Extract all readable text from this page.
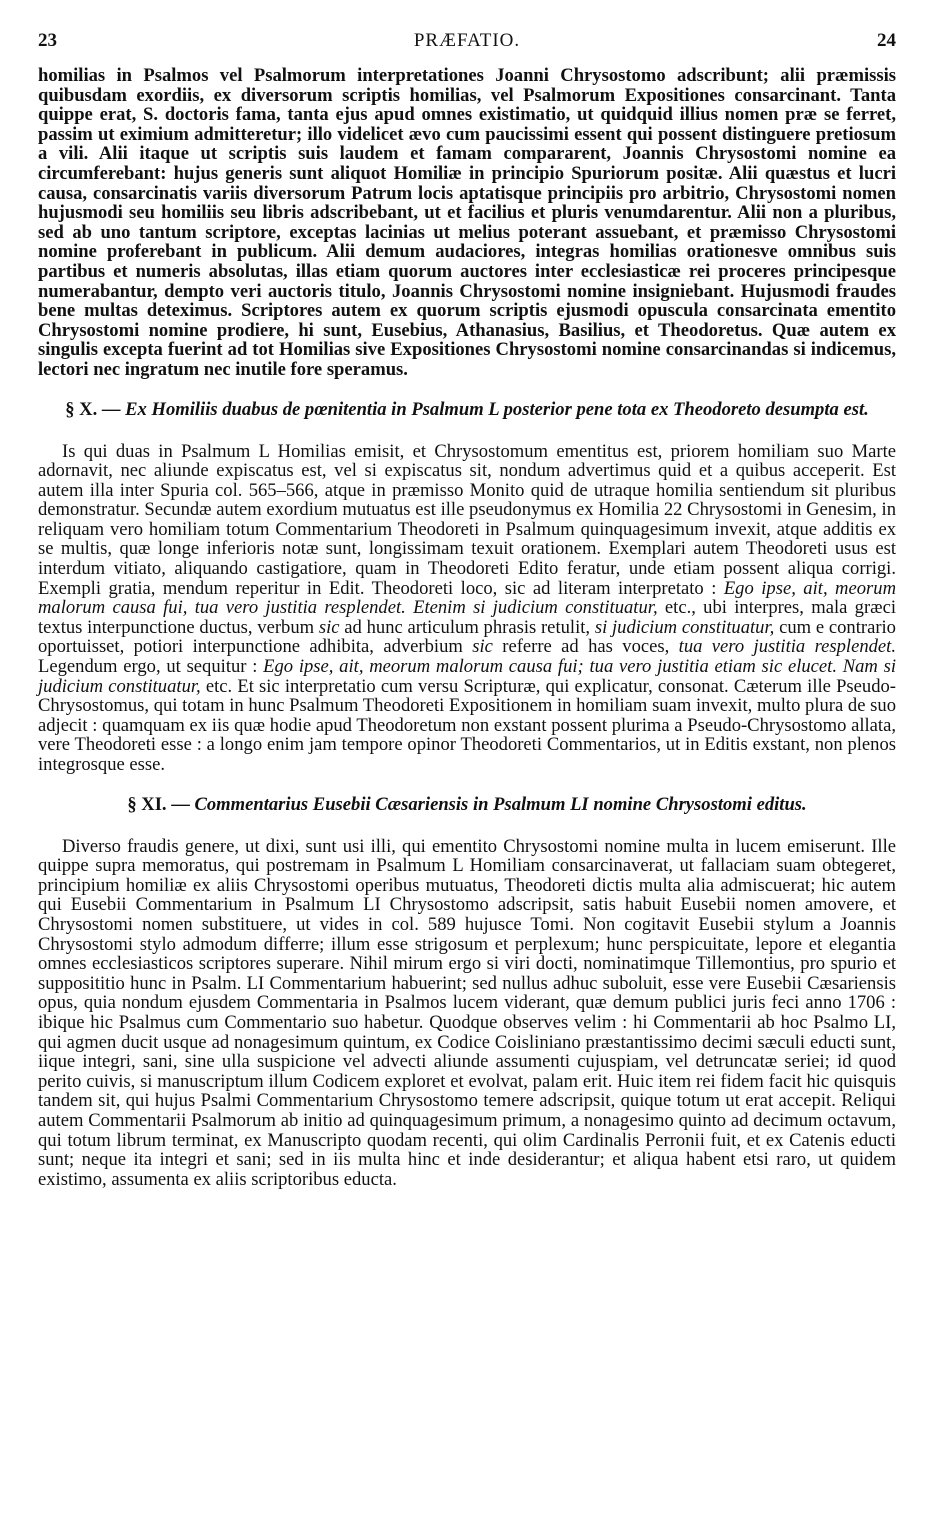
23	PRÆFATIO.	24

homilias in Psalmos vel Psalmorum interpretationes Joanni Chrysostomo adscribunt; alii præmissis quibusdam exordiis, ex diversorum scriptis homilias, vel Psalmorum Expositiones consarcinant. Tanta quippe erat, S. doctoris fama, tanta ejus apud omnes existimatio, ut quidquid illius nomen præ se ferret, passim ut eximium admitteretur; illo videlicet ævo cum paucissimi essent qui possent distinguere pretiosum a vili. Alii itaque ut scriptis suis laudem et famam compararent, Joannis Chrysostomi nomine ea circumferebant: hujus generis sunt aliquot Homiliæ in principio Spuriorum positæ. Alii quæstus et lucri causa, consarcinatis variis diversorum Patrum locis aptatisque principiis pro arbitrio, Chrysostomi nomen hujusmodi seu homiliis seu libris adscribebant, ut et facilius et pluris venumdarentur. Alii non a pluribus, sed ab uno tantum scriptore, exceptas lacinias ut melius poterant assuebant, et præmisso Chrysostomi nomine proferebant in publicum. Alii demum audaciores, integras homilias orationesve omnibus suis partibus et numeris absolutas, illas etiam quorum auctores inter ecclesiasticæ rei proceres principesque numerabantur, dempto veri auctoris titulo, Joannis Chrysostomi nomine insigniebant. Hujusmodi fraudes bene multas deteximus. Scriptores autem ex quorum scriptis ejusmodi opuscula consarcinata ementito Chrysostomi nomine prodiere, hi sunt, Eusebius, Athanasius, Basilius, et Theodoretus. Quæ autem ex singulis excepta fuerint ad tot Homilias sive Expositiones Chrysostomi nomine consarcinandas si indicemus, lectori nec ingratum nec inutile fore speramus.

§ X. — Ex Homiliis duabus de pœnitentia in Psalmum L posterior pene tota ex Theodoreto desumpta est.

Is qui duas in Psalmum L Homilias emisit, et Chrysostomum ementitus est, priorem homiliam suo Marte adornavit, nec aliunde expiscatus est, vel si expiscatus sit, nondum advertimus quid et a quibus acceperit. Est autem illa inter Spuria col. 565–566, atque in præmisso Monito quid de utraque homilia sentiendum sit pluribus demonstratur. Secundæ autem exordium mutuatus est ille pseudonymus ex Homilia 22 Chrysostomi in Genesim, in reliquam vero homiliam totum Commentarium Theodoreti in Psalmum quinquagesimum invexit, atque additis ex se multis, quæ longe inferioris notæ sunt, longissimam texuit orationem. Exemplari autem Theodoreti usus est interdum vitiato, aliquando castigatiore, quam in Theodoreti Edito feratur, unde etiam possent aliqua corrigi. Exempli gratia, mendum reperitur in Edit. Theodoreti loco, sic ad literam interpretato : Ego ipse, ait, meorum malorum causa fui, tua vero justitia resplendet. Etenim si judicium constituatur, etc., ubi interpres, mala græci textus interpunctione ductus, verbum sic ad hunc articulum phrasis retulit, si judicium constituatur, cum e contrario oportuisset, potiori interpunctione adhibita, adverbium sic referre ad has voces, tua vero justitia resplendet. Legendum ergo, ut sequitur : Ego ipse, ait, meorum malorum causa fui; tua vero justitia etiam sic elucet. Nam si judicium constituatur, etc. Et sic interpretatio cum versu Scripturæ, qui explicatur, consonat. Cæterum ille Pseudo-Chrysostomus, qui totam in hunc Psalmum Theodoreti Expositionem in homiliam suam invexit, multo plura de suo adjecit : quamquam ex iis quæ hodie apud Theodoretum non exstant possent plurima a Pseudo-Chrysostomo allata, vere Theodoreti esse : a longo enim jam tempore opinor Theodoreti Commentarios, ut in Editis exstant, non plenos integrosque esse.

§ XI. — Commentarius Eusebii Cæsariensis in Psalmum LI nomine Chrysostomi editus.

Diverso fraudis genere, ut dixi, sunt usi illi, qui ementito Chrysostomi nomine multa in lucem emiserunt. Ille quippe supra memoratus, qui postremam in Psalmum L Homiliam consarcinaverat, ut fallaciam suam obtegeret, principium homiliæ ex aliis Chrysostomi operibus mutuatus, Theodoreti dictis multa alia admiscuerat; hic autem qui Eusebii Commentarium in Psalmum LI Chrysostomo adscripsit, satis habuit Eusebii nomen amovere, et Chrysostomi nomen substituere, ut vides in col. 589 hujusce Tomi. Non cogitavit Eusebii stylum a Joannis Chrysostomi stylo admodum differre; illum esse strigosum et perplexum; hunc perspicuitate, lepore et elegantia omnes ecclesiasticos scriptores superare. Nihil mirum ergo si viri docti, nominatimque Tillemontius, pro spurio et supposititio hunc in Psalm. LI Commentarium habuerint; sed nullus adhuc suboluit, esse vere Eusebii Cæsariensis opus, quia nondum ejusdem Commentaria in Psalmos lucem viderant, quæ demum publici juris feci anno 1706 : ibique hic Psalmus cum Commentario suo habetur. Quodque observes velim : hi Commentarii ab hoc Psalmo LI, qui agmen ducit usque ad nonagesimum quintum, ex Codice Coisliniano præstantissimo decimi sæculi educti sunt, iique integri, sani, sine ulla suspicione vel advecti aliunde assumenti cujuspiam, vel detruncatæ seriei; id quod perito cuivis, si manuscriptum illum Codicem exploret et evolvat, palam erit. Huic item rei fidem facit hic quisquis tandem sit, qui hujus Psalmi Commentarium Chrysostomo temere adscripsit, quique totum ut erat accepit. Reliqui autem Commentarii Psalmorum ab initio ad quinquagesimum primum, a nonagesimo quinto ad decimum octavum, qui totum librum terminat, ex Manuscripto quodam recenti, qui olim Cardinalis Perronii fuit, et ex Catenis educti sunt; neque ita integri et sani; sed in iis multa hinc et inde desiderantur; et aliqua habent etsi raro, ut quidem existimo, assumenta ex aliis scriptoribus educta.
